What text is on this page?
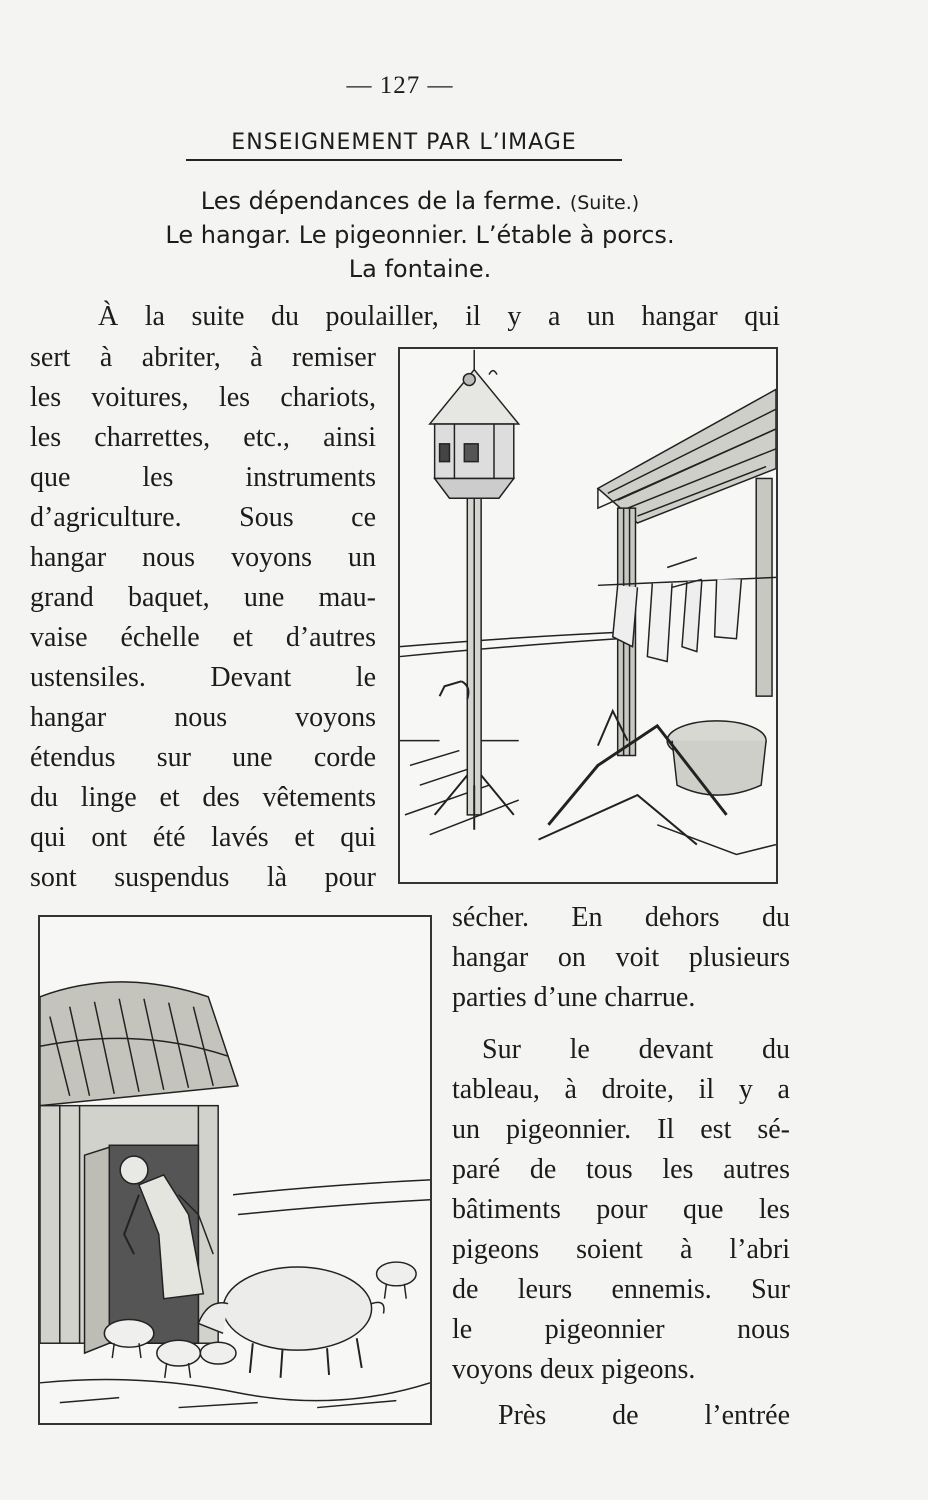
— 127 —
ENSEIGNEMENT PAR L’IMAGE
Les dépendances de la ferme. (Suite.)
Le hangar. Le pigeonnier. L’étable à porcs.
La fontaine.
À la suite du poulailler, il y a un hangar qui
sert à abriter, à remiser
les voitures, les chariots,
les charrettes, etc., ainsi
que les instruments
d’agriculture. Sous ce
hangar nous voyons un
grand baquet, une mau-
vaise échelle et d’autres
ustensiles. Devant le
hangar nous voyons
étendus sur une corde
du linge et des vêtements
qui ont été lavés et qui
sont suspendus là pour
sécher. En dehors du
hangar on voit plusieurs
parties d’une charrue.
Sur le devant du
tableau, à droite, il y a
un pigeonnier. Il est sé-
paré de tous les autres
bâtiments pour que les
pigeons soient à l’abri
de leurs ennemis. Sur
le pigeonnier nous
voyons deux pigeons.
Près de l’entrée
